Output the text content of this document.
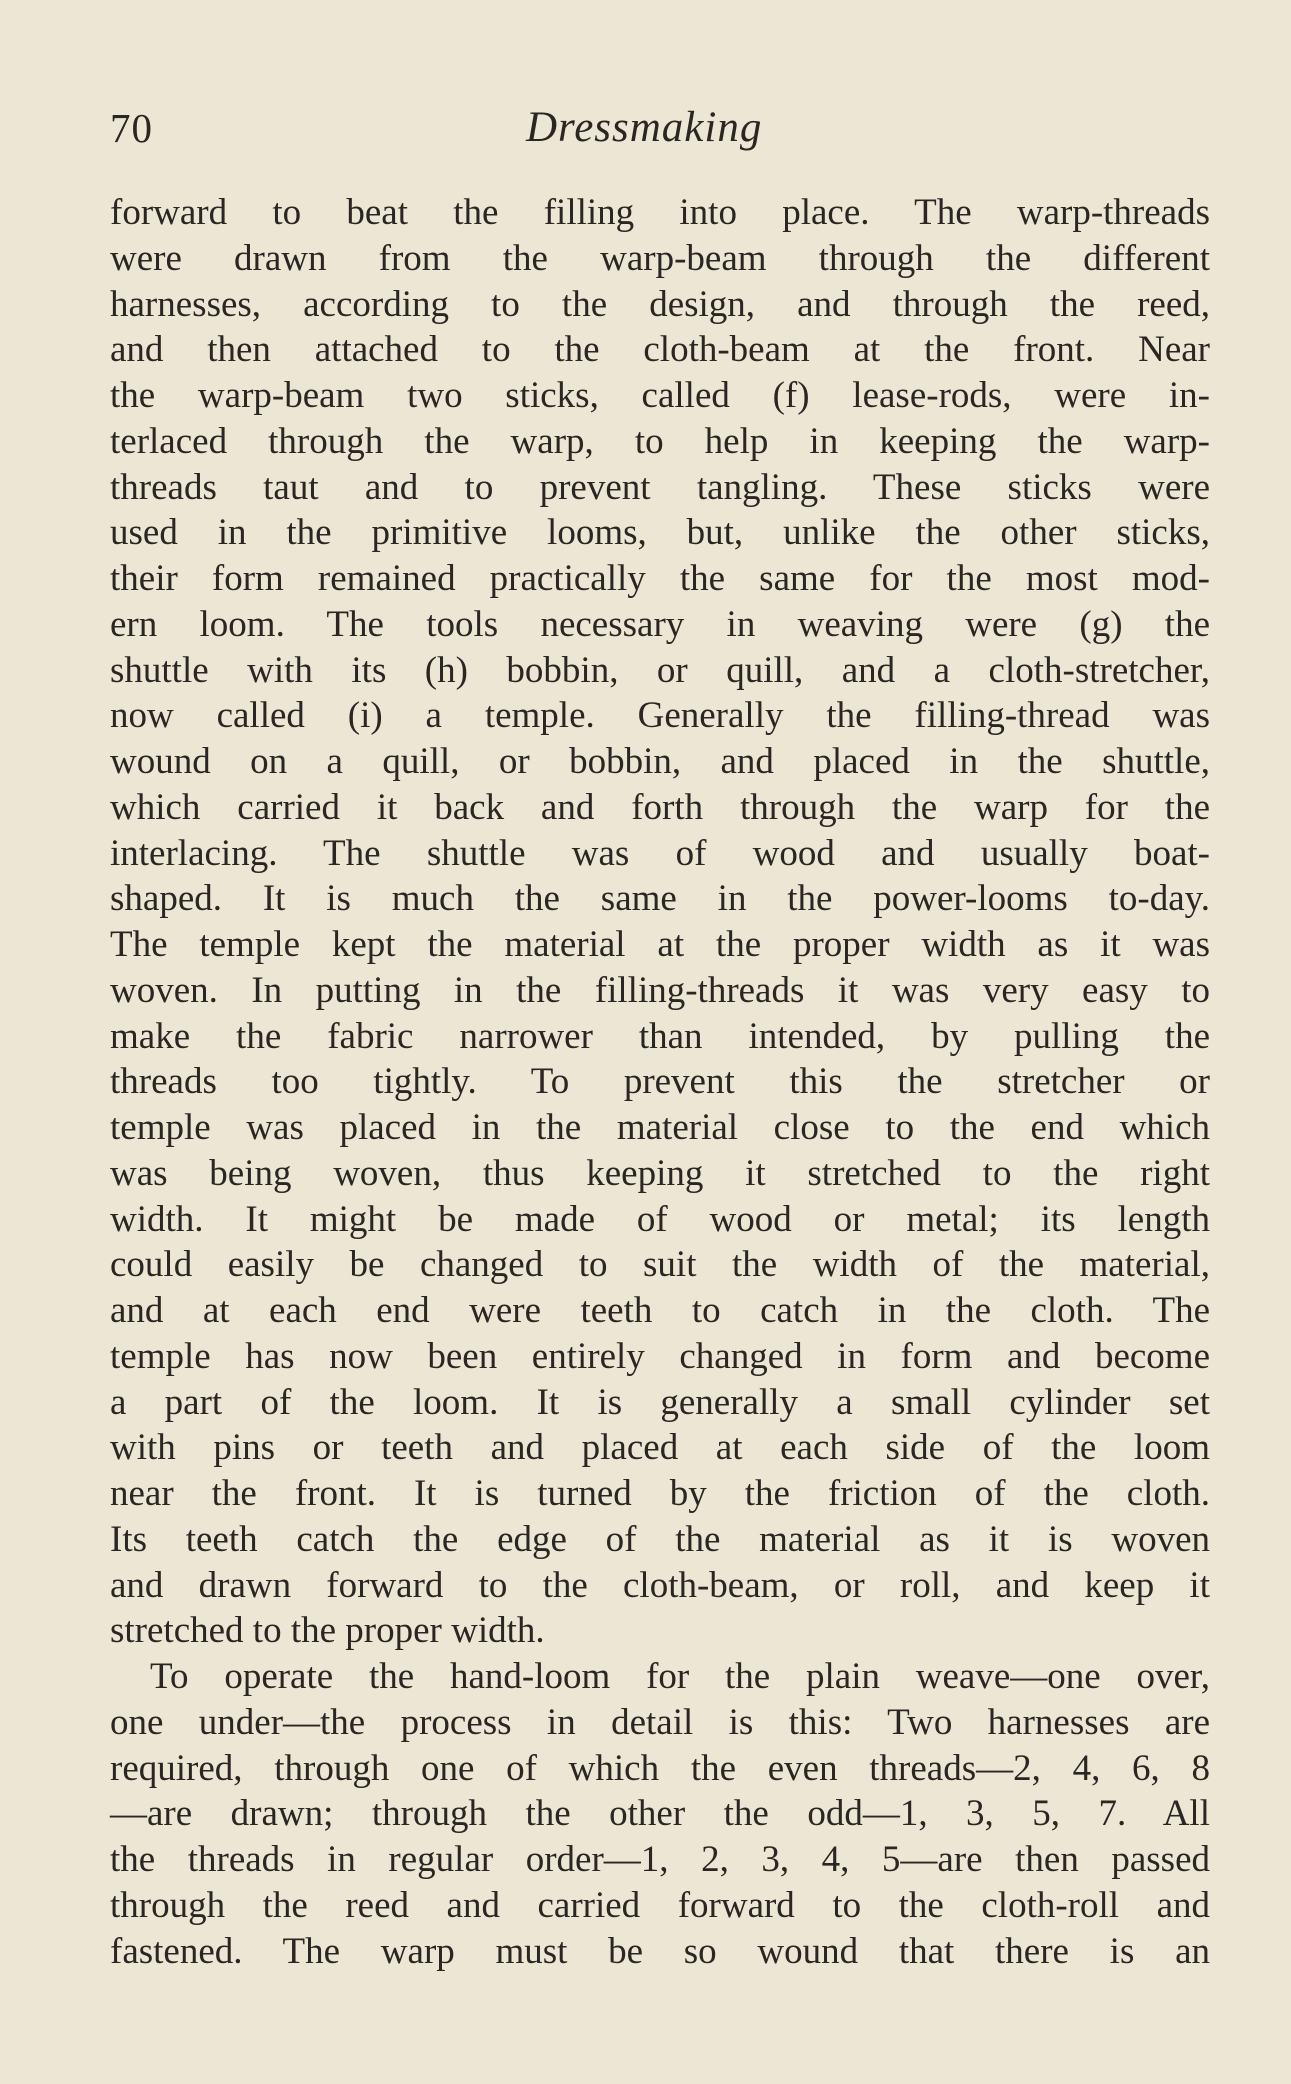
70	Dressmaking
forward to beat the filling into place. The warp-threads
were drawn from the warp-beam through the different
harnesses, according to the design, and through the reed,
and then attached to the cloth-beam at the front. Near
the warp-beam two sticks, called (f) lease-rods, were in-
terlaced through the warp, to help in keeping the warp-
threads taut and to prevent tangling. These sticks were
used in the primitive looms, but, unlike the other sticks,
their form remained practically the same for the most mod-
ern loom. The tools necessary in weaving were (g) the
shuttle with its (h) bobbin, or quill, and a cloth-stretcher,
now called (i) a temple. Generally the filling-thread was
wound on a quill, or bobbin, and placed in the shuttle,
which carried it back and forth through the warp for the
interlacing. The shuttle was of wood and usually boat-
shaped. It is much the same in the power-looms to-day.
The temple kept the material at the proper width as it was
woven. In putting in the filling-threads it was very easy to
make the fabric narrower than intended, by pulling the
threads too tightly. To prevent this the stretcher or
temple was placed in the material close to the end which
was being woven, thus keeping it stretched to the right
width. It might be made of wood or metal; its length
could easily be changed to suit the width of the material,
and at each end were teeth to catch in the cloth. The
temple has now been entirely changed in form and become
a part of the loom. It is generally a small cylinder set
with pins or teeth and placed at each side of the loom
near the front. It is turned by the friction of the cloth.
Its teeth catch the edge of the material as it is woven
and drawn forward to the cloth-beam, or roll, and keep it
stretched to the proper width.
To operate the hand-loom for the plain weave—one over,
one under—the process in detail is this: Two harnesses are
required, through one of which the even threads—2, 4, 6, 8
—are drawn; through the other the odd—1, 3, 5, 7. All
the threads in regular order—1, 2, 3, 4, 5—are then passed
through the reed and carried forward to the cloth-roll and
fastened. The warp must be so wound that there is an
